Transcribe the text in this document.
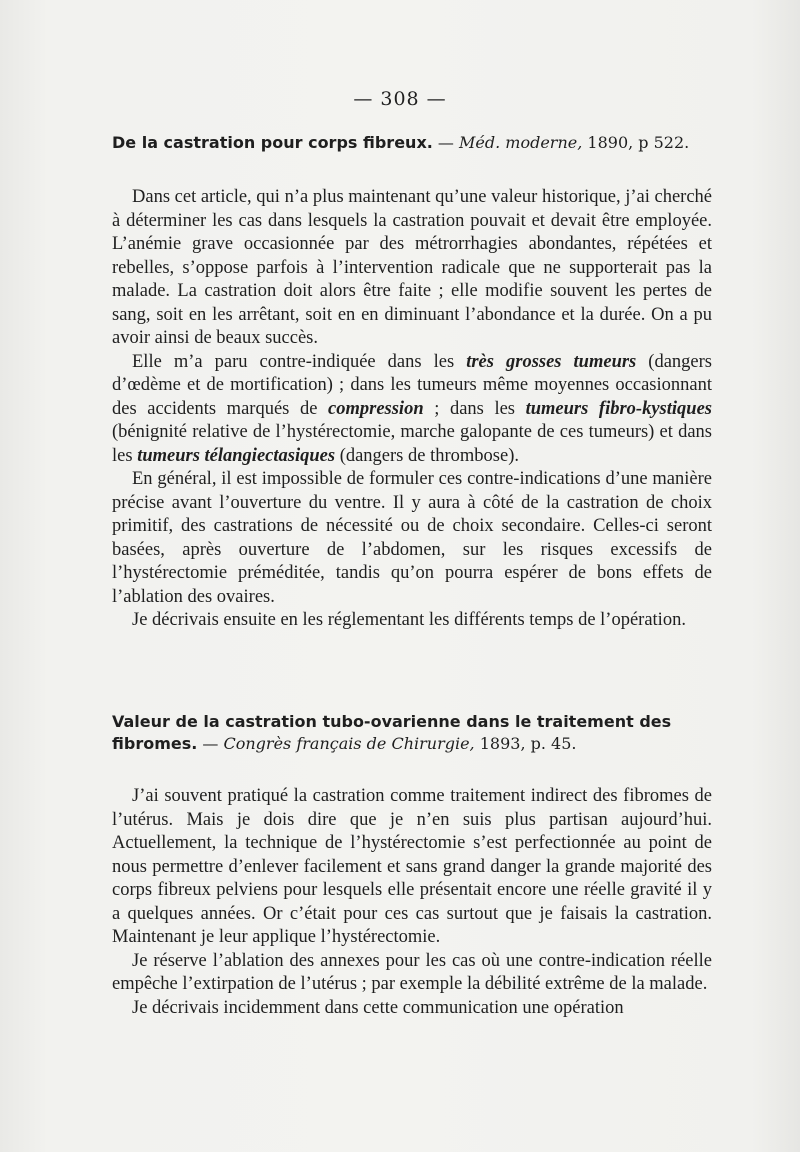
— 308 —

De la castration pour corps fibreux. — Méd. moderne, 1890, p 522.

Dans cet article, qui n’a plus maintenant qu’une valeur historique, j’ai cherché à déterminer les cas dans lesquels la castration pouvait et devait être employée. L’anémie grave occasionnée par des métrorrhagies abondantes, répétées et rebelles, s’oppose parfois à l’intervention radicale que ne supporterait pas la malade. La castration doit alors être faite ; elle modifie souvent les pertes de sang, soit en les arrêtant, soit en en diminuant l’abondance et la durée. On a pu avoir ainsi de beaux succès.

Elle m’a paru contre-indiquée dans les très grosses tumeurs (dangers d’œdème et de mortification) ; dans les tumeurs même moyennes occasionnant des accidents marqués de compression ; dans les tumeurs fibro-kystiques (bénignité relative de l’hystérectomie, marche galopante de ces tumeurs) et dans les tumeurs télangiectasiques (dangers de thrombose).

En général, il est impossible de formuler ces contre-indications d’une manière précise avant l’ouverture du ventre. Il y aura à côté de la castration de choix primitif, des castrations de nécessité ou de choix secondaire. Celles-ci seront basées, après ouverture de l’abdomen, sur les risques excessifs de l’hystérectomie préméditée, tandis qu’on pourra espérer de bons effets de l’ablation des ovaires.

Je décrivais ensuite en les réglementant les différents temps de l’opération.

Valeur de la castration tubo-ovarienne dans le traitement des fibromes. — Congrès français de Chirurgie, 1893, p. 45.

J’ai souvent pratiqué la castration comme traitement indirect des fibromes de l’utérus. Mais je dois dire que je n’en suis plus partisan aujourd’hui. Actuellement, la technique de l’hystérectomie s’est perfectionnée au point de nous permettre d’enlever facilement et sans grand danger la grande majorité des corps fibreux pelviens pour lesquels elle présentait encore une réelle gravité il y a quelques années. Or c’était pour ces cas surtout que je faisais la castration. Maintenant je leur applique l’hystérectomie.

Je réserve l’ablation des annexes pour les cas où une contre-indication réelle empêche l’extirpation de l’utérus ; par exemple la débilité extrême de la malade.

Je décrivais incidemment dans cette communication une opération
